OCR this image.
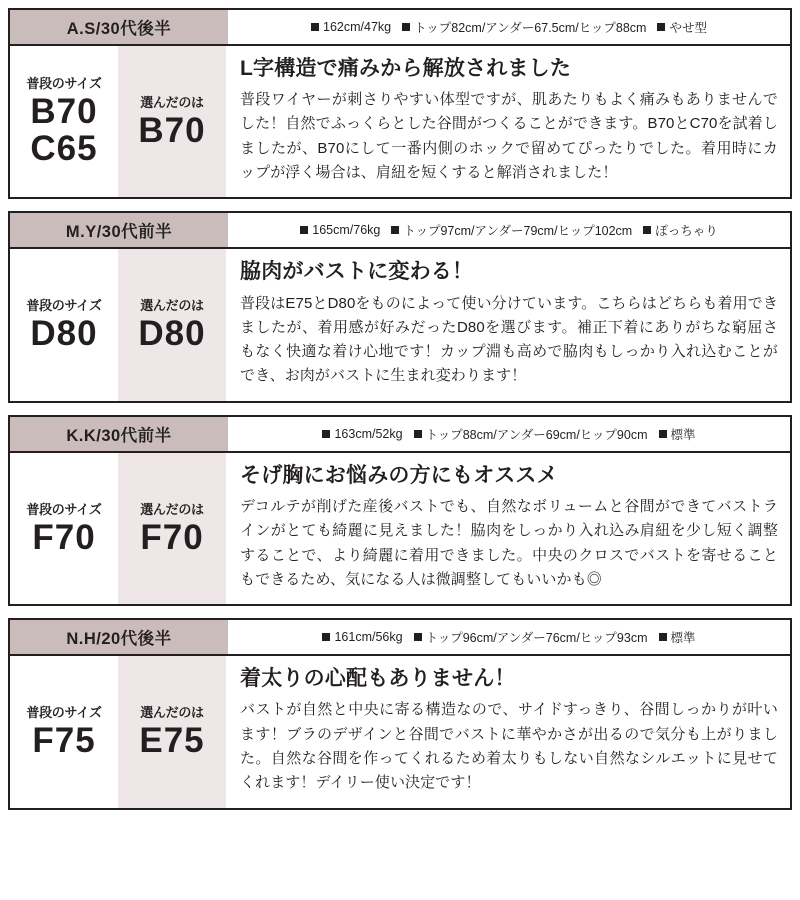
A.S/30代後半	162cm/47kg トップ82cm/アンダー67.5cm/ヒップ88cm やせ型
普段のサイズ
B70
C65
選んだのは
B70
L字構造で痛みから解放されました

普段ワイヤーが刺さりやすい体型ですが、肌あたりもよく痛みもありませんでした！自然でふっくらとした谷間がつくることができます。B70とC70を試着しましたが、B70にして一番内側のホックで留めてぴったりでした。着用時にカップが浮く場合は、肩紐を短くすると解消されました！

M.Y/30代前半	165cm/76kg トップ97cm/アンダー79cm/ヒップ102cm ぽっちゃり
普段のサイズ
D80
選んだのは
D80
脇肉がバストに変わる！

普段はE75とD80をものによって使い分けています。こちらはどちらも着用できましたが、着用感が好みだったD80を選びます。補正下着にありがちな窮屈さもなく快適な着け心地です！カップ淵も高めで脇肉もしっかり入れ込むことができ、お肉がバストに生まれ変わります！

K.K/30代前半	163cm/52kg トップ88cm/アンダー69cm/ヒップ90cm 標準
普段のサイズ
F70
選んだのは
F70
そげ胸にお悩みの方にもオススメ

デコルテが削げた産後バストでも、自然なボリュームと谷間ができてバストラインがとても綺麗に見えました！脇肉をしっかり入れ込み肩紐を少し短く調整することで、より綺麗に着用できました。中央のクロスでバストを寄せることもできるため、気になる人は微調整してもいいかも◎

N.H/20代後半	161cm/56kg トップ96cm/アンダー76cm/ヒップ93cm 標準
普段のサイズ
F75
選んだのは
E75
着太りの心配もありません！

バストが自然と中央に寄る構造なので、サイドすっきり、谷間しっかりが叶います！ブラのデザインと谷間でバストに華やかさが出るので気分も上がりました。自然な谷間を作ってくれるため着太りもしない自然なシルエットに見せてくれます！デイリー使い決定です！
